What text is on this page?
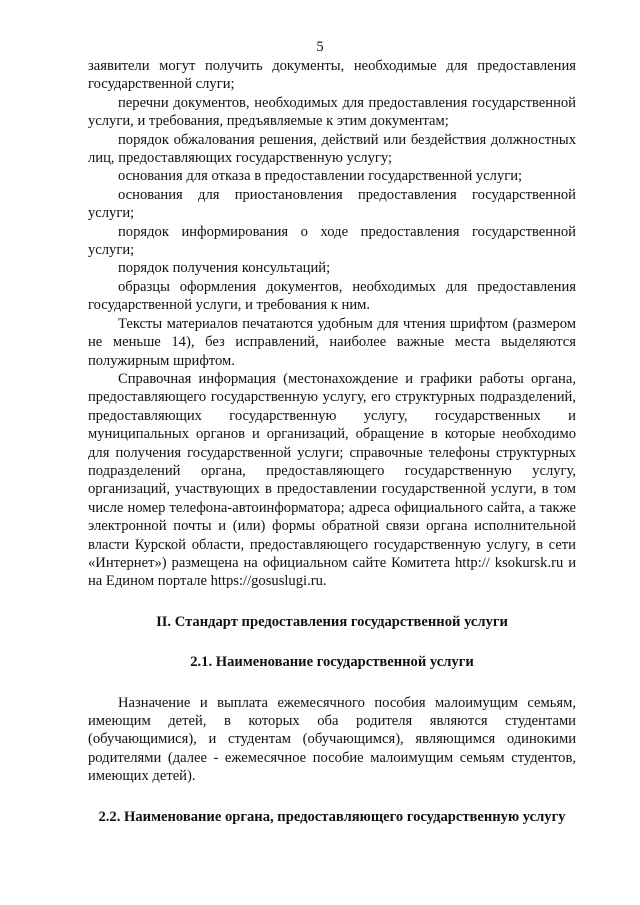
5

заявители могут получить документы, необходимые для предоставления государственной слуги;

перечни документов, необходимых для предоставления государственной услуги, и требования, предъявляемые к этим документам;

порядок обжалования решения, действий или бездействия должностных лиц, предоставляющих государственную услугу;

основания для отказа в предоставлении государственной услуги;

основания для приостановления предоставления государственной услуги;

порядок информирования о ходе предоставления государственной услуги;

порядок получения консультаций;

образцы оформления документов, необходимых для предоставления государственной услуги, и требования к ним.

Тексты материалов печатаются удобным для чтения шрифтом (размером не меньше 14), без исправлений, наиболее важные места выделяются полужирным шрифтом.

Справочная информация (местонахождение и графики работы органа, предоставляющего государственную услугу, его структурных подразделений, предоставляющих государственную услугу, государственных и муниципальных органов и организаций, обращение в которые необходимо для получения государственной услуги; справочные телефоны структурных подразделений органа, предоставляющего государственную услугу, организаций, участвующих в предоставлении государственной услуги, в том числе номер телефона-автоинформатора; адреса официального сайта, а также электронной почты и (или) формы обратной связи органа исполнительной власти Курской области, предоставляющего государственную услугу, в сети «Интернет») размещена на официальном сайте Комитета http:// ksokursk.ru и на Едином портале https://gosuslugi.ru.

II. Стандарт предоставления государственной услуги

2.1. Наименование государственной услуги

Назначение и выплата ежемесячного пособия малоимущим семьям, имеющим детей, в которых оба родителя являются студентами (обучающимися), и студентам (обучающимся), являющимся одинокими родителями (далее - ежемесячное пособие малоимущим семьям студентов, имеющих детей).

2.2. Наименование органа, предоставляющего государственную услугу
